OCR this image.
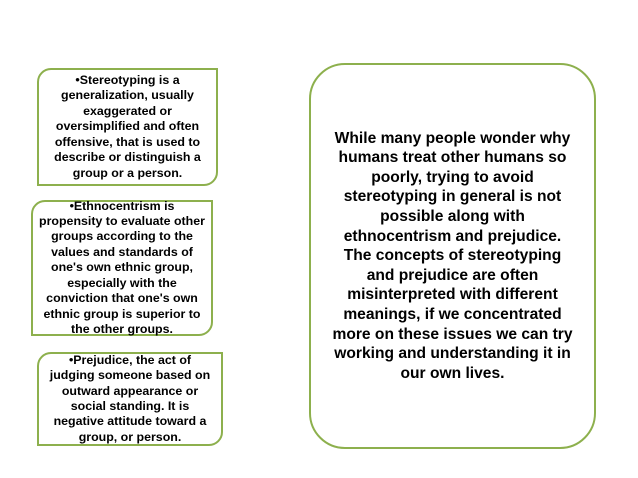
•Stereotyping is a generalization, usually exaggerated or oversimplified and often offensive, that is used to describe or distinguish a group or a person.
•Ethnocentrism is propensity to evaluate other groups according to the values and standards of one's own ethnic group, especially with the conviction that one's own ethnic group is superior to the other groups.
•Prejudice, the act of judging someone based on outward appearance or social standing. It is negative attitude toward a group, or person.
While many people wonder why humans treat other humans so poorly, trying to avoid stereotyping in general is not possible along with ethnocentrism and prejudice. The concepts of stereotyping and prejudice are often misinterpreted with different meanings, if we concentrated more on these issues we can try working and understanding it in our own lives.
